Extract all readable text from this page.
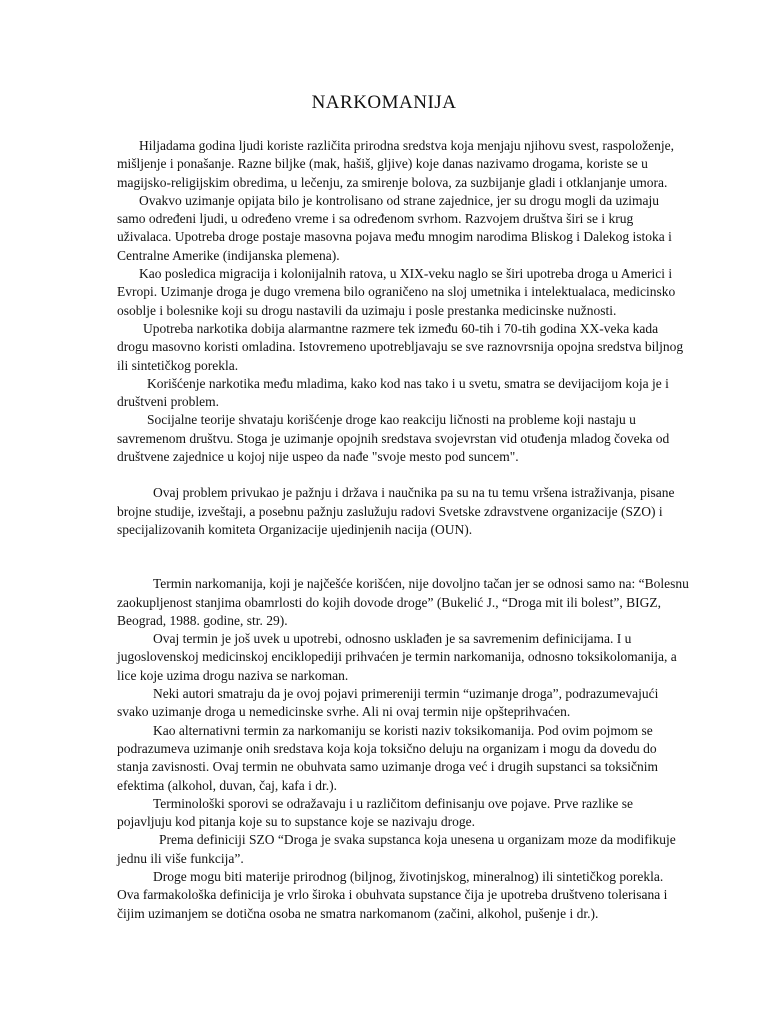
NARKOMANIJA

Hiljadama godina ljudi koriste različita prirodna sredstva koja menjaju njihovu svest, raspoloženje, mišljenje i ponašanje. Razne biljke (mak, hašiš, gljive) koje danas nazivamo drogama, koriste se u magijsko-religijskim obredima, u lečenju, za smirenje bolova, za suzbijanje gladi i otklanjanje umora.

Ovakvo uzimanje opijata bilo je kontrolisano od strane zajednice, jer su drogu mogli da uzimaju samo određeni ljudi, u određeno vreme i sa određenom svrhom. Razvojem društva širi se i krug uživalaca. Upotreba droge postaje masovna pojava među mnogim narodima Bliskog i Dalekog istoka i Centralne Amerike (indijanska plemena).

Kao posledica migracija i kolonijalnih ratova, u XIX-veku naglo se širi upotreba droga u Americi i Evropi. Uzimanje droga je dugo vremena bilo ograničeno na sloj umetnika i intelektualaca, medicinsko osoblje i bolesnike koji su drogu nastavili da uzimaju i posle prestanka medicinske nužnosti.

Upotreba narkotika dobija alarmantne razmere tek između 60-tih i 70-tih godina XX-veka kada drogu masovno koristi omladina. Istovremeno upotrebljavaju se sve raznovrsnija opojna sredstva biljnog ili sintetičkog porekla.

Korišćenje narkotika među mladima, kako kod nas tako i u svetu, smatra se devijacijom koja je i društveni problem.

Socijalne teorije shvataju korišćenje droge kao reakciju ličnosti na probleme koji nastaju u savremenom društvu. Stoga je uzimanje opojnih sredstava svojevrstan vid otuđenja mladog čoveka od društvene zajednice u kojoj nije uspeo da nađe "svoje mesto pod suncem".

Ovaj problem privukao je pažnju i država i naučnika pa su na tu temu vršena istraživanja, pisane brojne studije, izveštaji, a posebnu pažnju zaslužuju radovi Svetske zdravstvene organizacije (SZO) i specijalizovanih komiteta Organizacije ujedinjenih nacija (OUN).

Termin narkomanija, koji je najčešće korišćen, nije dovoljno tačan jer se odnosi samo na: “Bolesnu zaokupljenost stanjima obamrlosti do kojih dovode droge” (Bukelić J., “Droga mit ili bolest”, BIGZ, Beograd, 1988. godine, str. 29).

Ovaj termin je još uvek u upotrebi, odnosno usklađen je sa savremenim definicijama. I u jugoslovenskoj medicinskoj enciklopediji prihvaćen je termin narkomanija, odnosno toksikolomanija, a lice koje uzima drogu naziva se narkoman.

Neki autori smatraju da je ovoj pojavi primereniji termin “uzimanje droga”, podrazumevajući svako uzimanje droga u nemedicinske svrhe. Ali ni ovaj termin nije opšteprihvaćen.

Kao alternativni termin za narkomaniju se koristi naziv toksikomanija. Pod ovim pojmom se podrazumeva uzimanje onih sredstava koja koja toksično deluju na organizam i mogu da dovedu do stanja zavisnosti. Ovaj termin ne obuhvata samo uzimanje droga već i drugih supstanci sa toksičnim efektima (alkohol, duvan, čaj, kafa i dr.).

Terminološki sporovi se odražavaju i u različitom definisanju ove pojave. Prve razlike se pojavljuju kod pitanja koje su to supstance koje se nazivaju droge.

Prema definiciji SZO “Droga je svaka supstanca koja unesena u organizam moze da modifikuje jednu ili više funkcija”.

Droge mogu biti materije prirodnog (biljnog, životinjskog, mineralnog) ili sintetičkog porekla. Ova farmakološka definicija je vrlo široka i obuhvata supstance čija je upotreba društveno tolerisana i čijim uzimanjem se dotična osoba ne smatra narkomanom (začini, alkohol, pušenje i dr.).
